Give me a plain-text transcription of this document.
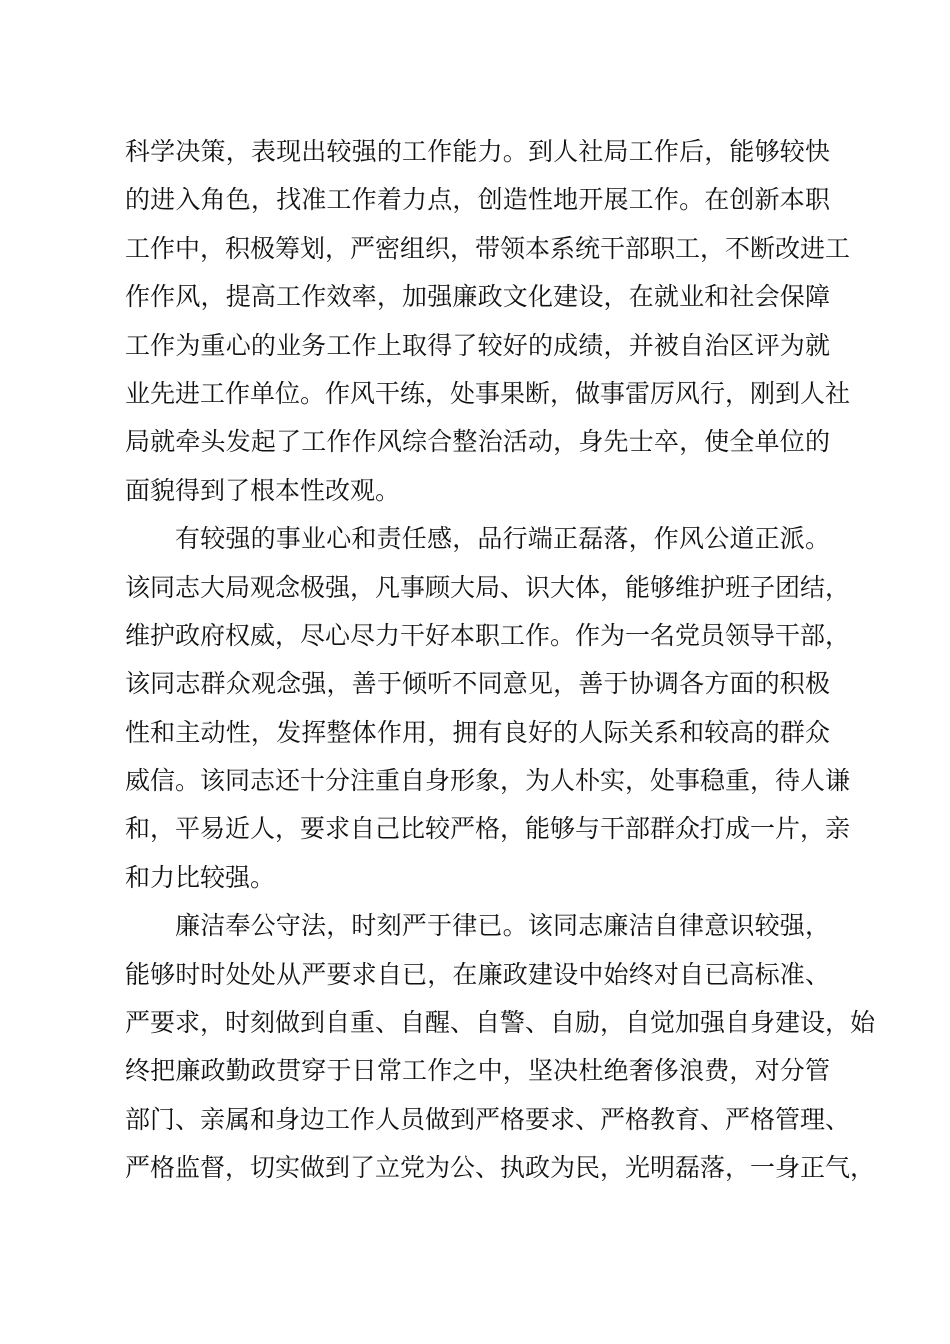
科学决策，表现出较强的工作能力。到人社局工作后，能够较快
的进入角色，找准工作着力点，创造性地开展工作。在创新本职
工作中，积极筹划，严密组织，带领本系统干部职工，不断改进工
作作风，提高工作效率，加强廉政文化建设，在就业和社会保障
工作为重心的业务工作上取得了较好的成绩，并被自治区评为就
业先进工作单位。作风干练，处事果断，做事雷厉风行，刚到人社
局就牵头发起了工作作风综合整治活动，身先士卒，使全单位的
面貌得到了根本性改观。
有较强的事业心和责任感，品行端正磊落，作风公道正派。
该同志大局观念极强，凡事顾大局、识大体，能够维护班子团结，
维护政府权威，尽心尽力干好本职工作。作为一名党员领导干部，
该同志群众观念强，善于倾听不同意见，善于协调各方面的积极
性和主动性，发挥整体作用，拥有良好的人际关系和较高的群众
威信。该同志还十分注重自身形象，为人朴实，处事稳重，待人谦
和，平易近人，要求自己比较严格，能够与干部群众打成一片，亲
和力比较强。
廉洁奉公守法，时刻严于律已。该同志廉洁自律意识较强，
能够时时处处从严要求自已，在廉政建设中始终对自已高标准、
严要求，时刻做到自重、自醒、自警、自励，自觉加强自身建设，始
终把廉政勤政贯穿于日常工作之中，坚决杜绝奢侈浪费，对分管
部门、亲属和身边工作人员做到严格要求、严格教育、严格管理、
严格监督，切实做到了立党为公、执政为民，光明磊落，一身正气，
